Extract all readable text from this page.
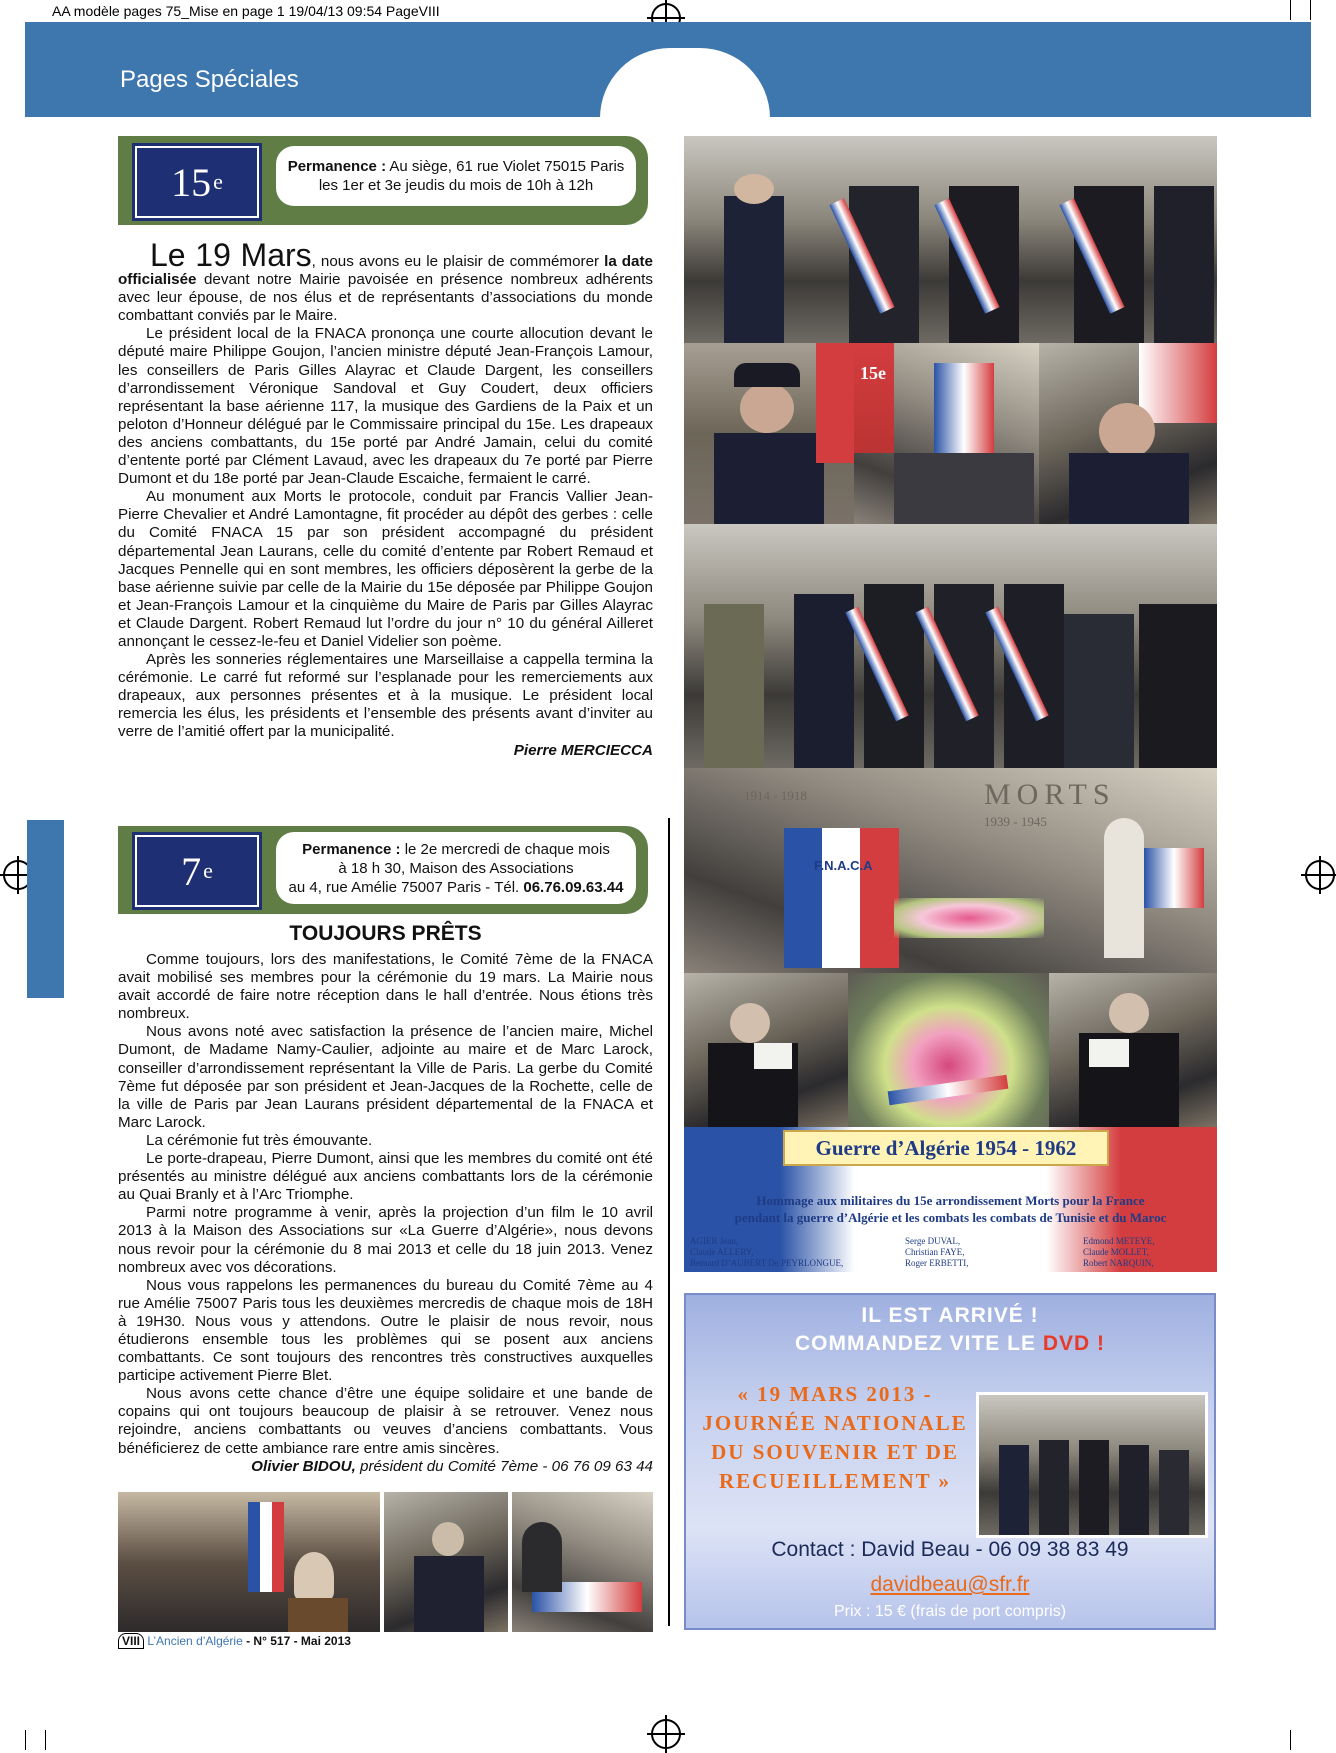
AA modèle pages 75_Mise en page 1 19/04/13 09:54 PageVIII
Pages Spéciales
15 e
Permanence : Au siège, 61 rue Violet 75015 Paris
les 1er et 3e jeudis du mois de 10h à 12h

Le 19 Mars, nous avons eu le plaisir de commémorer la date officialisée devant notre Mairie pavoisée en présence nombreux adhérents avec leur épouse, de nos élus et de représentants d’associations du monde combattant conviés par le Maire.

Le président local de la FNACA prononça une courte allocution devant le député maire Philippe Goujon, l’ancien ministre député Jean-François Lamour, les conseillers de Paris Gilles Alayrac et Claude Dargent, les conseillers d’arrondissement Véronique Sandoval et Guy Coudert, deux officiers représentant la base aérienne 117, la musique des Gardiens de la Paix et un peloton d’Honneur délégué par le Commissaire principal du 15e. Les drapeaux des anciens combattants, du 15e porté par André Jamain, celui du comité d’entente porté par Clément Lavaud, avec les drapeaux du 7e porté par Pierre Dumont et du 18e porté par Jean-Claude Escaiche, fermaient le carré.

Au monument aux Morts le protocole, conduit par Francis Vallier Jean-Pierre Chevalier et André Lamontagne, fit procéder au dépôt des gerbes : celle du Comité FNACA 15 par son président accompagné du président départemental Jean Laurans, celle du comité d’entente par Robert Remaud et Jacques Pennelle qui en sont membres, les officiers déposèrent la gerbe de la base aérienne suivie par celle de la Mairie du 15e déposée par Philippe Goujon et Jean-François Lamour et la cinquième du Maire de Paris par Gilles Alayrac et Claude Dargent. Robert Remaud lut l’ordre du jour n° 10 du général Ailleret annonçant le cessez-le-feu et Daniel Videlier son poème.

Après les sonneries réglementaires une Marseillaise a cappella termina la cérémonie. Le carré fut reformé sur l’esplanade pour les remerciements aux drapeaux, aux personnes présentes et à la musique. Le président local remercia les élus, les présidents et l’ensemble des présents avant d’inviter au verre de l’amitié offert par la municipalité.

Pierre MERCIECCA
7 e
Permanence : le 2e mercredi de chaque mois
à 18 h 30, Maison des Associations
au 4, rue Amélie 75007 Paris - Tél. 06.76.09.63.44
TOUJOURS PRÊTS

Comme toujours, lors des manifestations, le Comité 7ème de la FNACA avait mobilisé ses membres pour la cérémonie du 19 mars. La Mairie nous avait accordé de faire notre réception dans le hall d’entrée. Nous étions très nombreux.

Nous avons noté avec satisfaction la présence de l’ancien maire, Michel Dumont, de Madame Namy-Caulier, adjointe au maire et de Marc Larock, conseiller d’arrondissement représentant la Ville de Paris. La gerbe du Comité 7ème fut déposée par son président et Jean-Jacques de la Rochette, celle de la ville de Paris par Jean Laurans président départemental de la FNACA et Marc Larock.

La cérémonie fut très émouvante.

Le porte-drapeau, Pierre Dumont, ainsi que les membres du comité ont été présentés au ministre délégué aux anciens combattants lors de la cérémonie au Quai Branly et à l’Arc Triomphe.

Parmi notre programme à venir, après la projection d’un film le 10 avril 2013 à la Maison des Associations sur «La Guerre d’Algérie», nous devons nous revoir pour la cérémonie du 8 mai 2013 et celle du 18 juin 2013. Venez nombreux avec vos décorations.

Nous vous rappelons les permanences du bureau du Comité 7ème au 4 rue Amélie 75007 Paris tous les deuxièmes mercredis de chaque mois de 18H à 19H30. Nous vous y attendons. Outre le plaisir de nous revoir, nous étudierons ensemble tous les problèmes qui se posent aux anciens combattants. Ce sont toujours des rencontres très constructives auxquelles participe activement Pierre Blet.

Nous avons cette chance d’être une équipe solidaire et une bande de copains qui ont toujours beaucoup de plaisir à se retrouver. Venez nous rejoindre, anciens combattants ou veuves d’anciens combattants. Vous bénéficierez de cette ambiance rare entre amis sincères.

Olivier BIDOU, président du Comité 7ème - 06 76 09 63 44
15e
1914 - 1918	MORTS
1939 - 1945
F.N.A.C.A
Guerre d’Algérie 1954 - 1962
Hommage aux militaires du 15e arrondissement Morts pour la France
pendant la guerre d’Algérie et les combats les combats de Tunisie et du Maroc
AGIER Jean,
Claude ALLERY,
Bernard D’AUBERT De PEYRLONGUE,
Serge DUVAL,
Christian FAYE,
Roger ERBETTI,
Edmond METEYE,
Claude MOLLET,
Robert NARQUIN,
IL EST ARRIVÉ !
COMMANDEZ VITE LE DVD !
« 19 MARS 2013 -
JOURNÉE NATIONALE
DU SOUVENIR ET DE
RECUEILLEMENT »
Contact : David Beau - 06 09 38 83 49
davidbeau@sfr.fr
Prix : 15 € (frais de port compris)
VIII L’Ancien d’Algérie - N° 517 - Mai 2013
